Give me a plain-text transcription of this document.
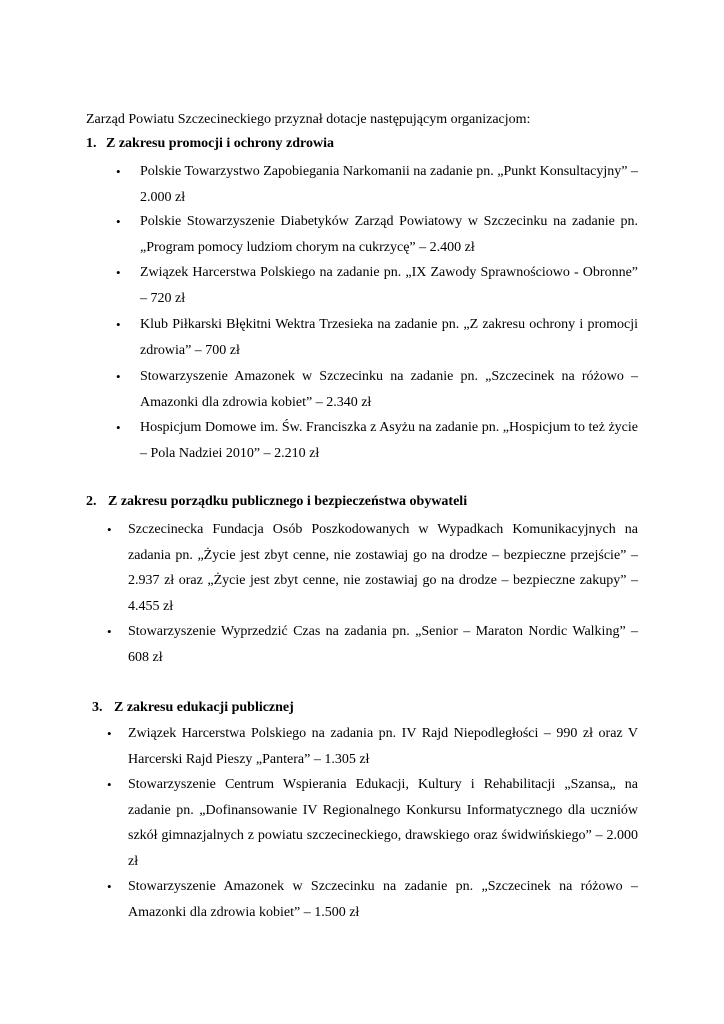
Zarząd Powiatu Szczecineckiego przyznał dotacje następującym organizacjom:
1. Z zakresu promocji i ochrony zdrowia
• Polskie Towarzystwo Zapobiegania Narkomanii na zadanie pn. „Punkt Konsultacyjny” – 2.000 zł
• Polskie Stowarzyszenie Diabetyków Zarząd Powiatowy w Szczecinku na zadanie pn. „Program pomocy ludziom chorym na cukrzycę” – 2.400 zł
• Związek Harcerstwa Polskiego na zadanie pn. „IX Zawody Sprawnościowo - Obronne” – 720 zł
• Klub Piłkarski Błękitni Wektra Trzesieka na zadanie pn. „Z zakresu ochrony i promocji zdrowia” – 700 zł
• Stowarzyszenie Amazonek w Szczecinku na zadanie pn. „Szczecinek na różowo – Amazonki dla zdrowia kobiet” – 2.340 zł
• Hospicjum Domowe im. Św. Franciszka z Asyżu na zadanie pn. „Hospicjum to też życie – Pola Nadziei 2010” – 2.210 zł
2. Z zakresu porządku publicznego i bezpieczeństwa obywateli
• Szczecinecka Fundacja Osób Poszkodowanych w Wypadkach Komunikacyjnych na zadania pn. „Życie jest zbyt cenne, nie zostawiaj go na drodze – bezpieczne przejście” – 2.937 zł oraz „Życie jest zbyt cenne, nie zostawiaj go na drodze – bezpieczne zakupy” – 4.455 zł
• Stowarzyszenie Wyprzedzić Czas na zadania pn. „Senior – Maraton Nordic Walking” – 608 zł
3. Z zakresu edukacji publicznej
• Związek Harcerstwa Polskiego na zadania pn. IV Rajd Niepodległości – 990 zł oraz V Harcerski Rajd Pieszy „Pantera” – 1.305 zł
• Stowarzyszenie Centrum Wspierania Edukacji, Kultury i Rehabilitacji „Szansa„ na zadanie pn. „Dofinansowanie IV Regionalnego Konkursu Informatycznego dla uczniów szkół gimnazjalnych z powiatu szczecineckiego, drawskiego oraz świdwińskiego” – 2.000 zł
• Stowarzyszenie Amazonek w Szczecinku na zadanie pn. „Szczecinek na różowo – Amazonki dla zdrowia kobiet” – 1.500 zł
